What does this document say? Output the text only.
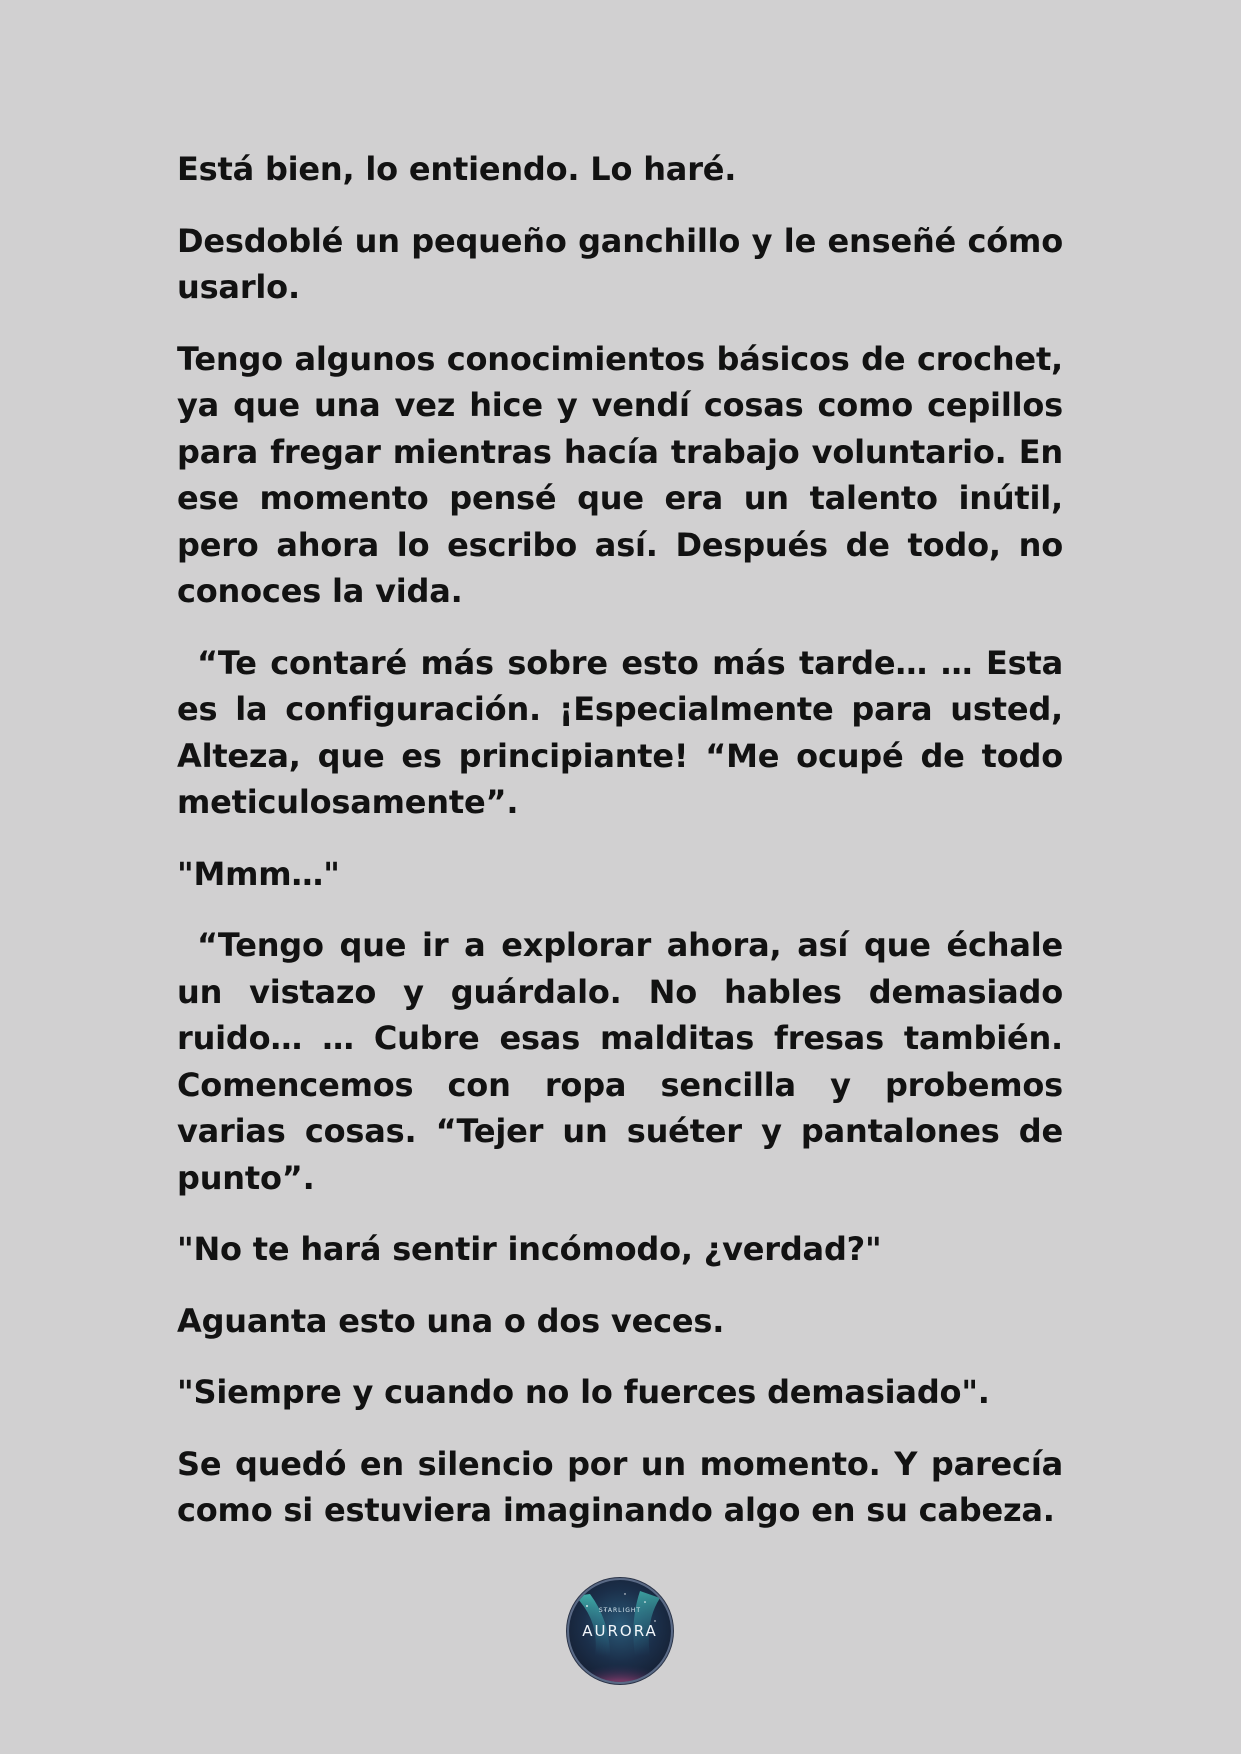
Está bien, lo entiendo. Lo haré.

Desdoblé un pequeño ganchillo y le enseñé cómo usarlo.

Tengo algunos conocimientos básicos de crochet, ya que una vez hice y vendí cosas como cepillos para fregar mientras hacía trabajo voluntario. En ese momento pensé que era un talento inútil, pero ahora lo escribo así. Después de todo, no conoces la vida.

“Te contaré más sobre esto más tarde… … Esta es la configuración. ¡Especialmente para usted, Alteza, que es principiante! “Me ocupé de todo meticulosamente”.

"Mmm…"

“Tengo que ir a explorar ahora, así que échale un vistazo y guárdalo. No hables demasiado ruido… … Cubre esas malditas fresas también. Comencemos con ropa sencilla y probemos varias cosas. “Tejer un suéter y pantalones de punto”.

"No te hará sentir incómodo, ¿verdad?"

Aguanta esto una o dos veces.

"Siempre y cuando no lo fuerces demasiado".

Se quedó en silencio por un momento. Y parecía como si estuviera imaginando algo en su cabeza.

STARLIGHT
AURORA
